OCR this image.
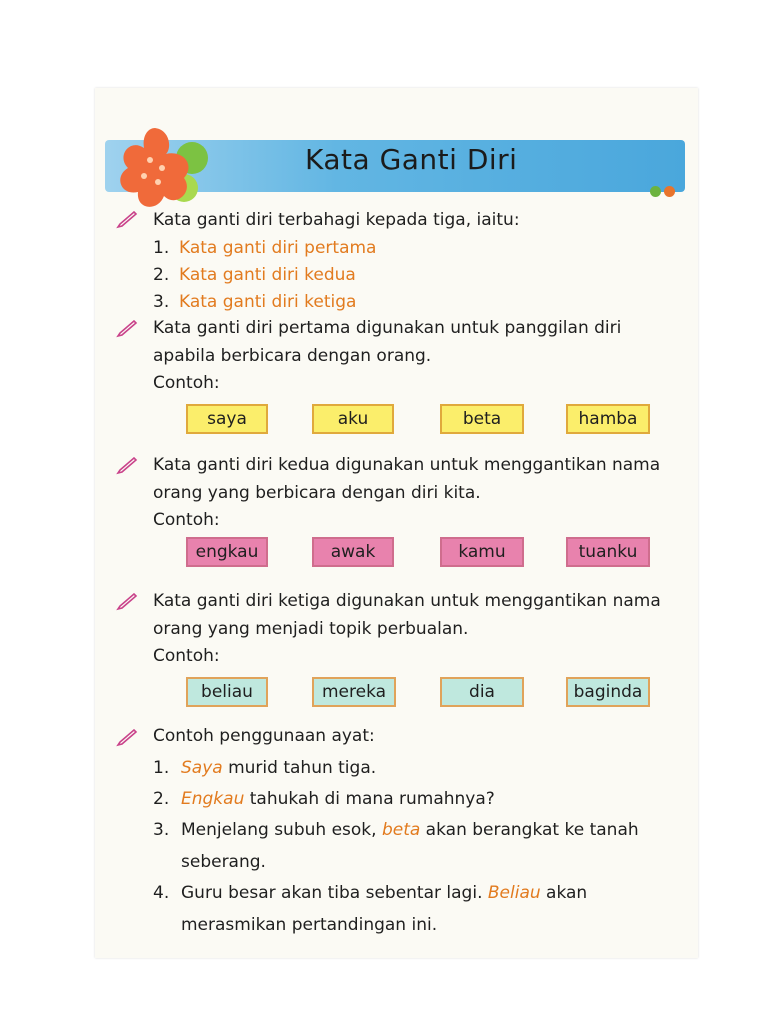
Kata Ganti Diri
Kata ganti diri terbahagi kepada tiga, iaitu:
1. Kata ganti diri pertama
2. Kata ganti diri kedua
3. Kata ganti diri ketiga
Kata ganti diri pertama digunakan untuk panggilan diri
apabila berbicara dengan orang.
Contoh:
saya	aku	beta	hamba
Kata ganti diri kedua digunakan untuk menggantikan nama
orang yang berbicara dengan diri kita.
Contoh:
engkau	awak	kamu	tuanku
Kata ganti diri ketiga digunakan untuk menggantikan nama
orang yang menjadi topik perbualan.
Contoh:
beliau	mereka	dia	baginda
Contoh penggunaan ayat:
1. Saya murid tahun tiga.
2. Engkau tahukah di mana rumahnya?
3. Menjelang subuh esok, beta akan berangkat ke tanah
seberang.
4. Guru besar akan tiba sebentar lagi. Beliau akan
merasmikan pertandingan ini.
